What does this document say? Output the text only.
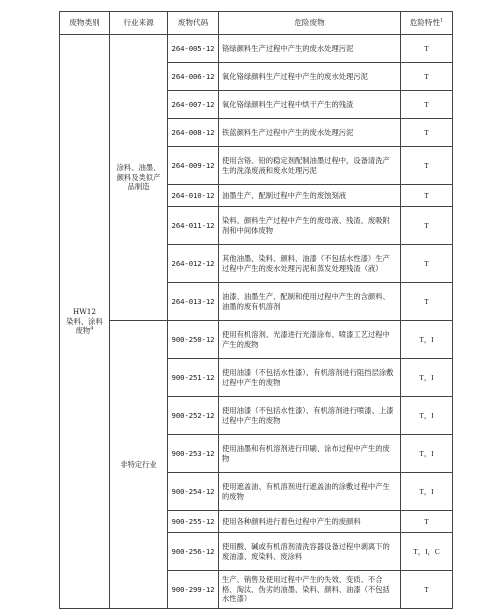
废物类别	行业来源	废物代码	危险废物	危险特性$^1$

HW12
染料、涂料废物$^4$	涂料、油墨、颜料及类似产品制造	264-005-12	铬绿颜料生产过程中产生的废水处理污泥	T
		264-006-12	氧化铬绿颜料生产过程中产生的废水处理污泥	T
		264-007-12	氧化铬绿颜料生产过程中烘干产生的残渣	T
		264-008-12	铁蓝颜料生产过程中产生的废水处理污泥	T
		264-009-12	使用含铬、铅的稳定剂配制油墨过程中，设备清洗产生的洗涤废液和废水处理污泥	T
		264-010-12	油墨生产、配制过程中产生的废蚀刻液	T
		264-011-12	染料、颜料生产过程中产生的废母液、残渣、废吸附剂和中间体废物	T
		264-012-12	其他油墨、染料、颜料、油漆（不包括水性漆）生产过程中产生的废水处理污泥和蒸发处理残渣（液）	T
		264-013-12	油漆、油墨生产、配制和使用过程中产生的含颜料、油墨的废有机溶剂	T
	非特定行业	900-250-12	使用有机溶剂、光漆进行光漆涂布、喷漆工艺过程中产生的废物	T，I
		900-251-12	使用油漆（不包括水性漆）、有机溶剂进行阻挡层涂敷过程中产生的废物	T，I
		900-252-12	使用油漆（不包括水性漆）、有机溶剂进行喷漆、上漆过程中产生的废物	T，I
		900-253-12	使用油墨和有机溶剂进行印刷、涂布过程中产生的废物	T，I
		900-254-12	使用遮盖油、有机溶剂进行遮盖油的涂敷过程中产生的废物	T，I
		900-255-12	使用各种颜料进行着色过程中产生的废颜料	T
		900-256-12	使用酸、碱或有机溶剂清洗容器设备过程中剥离下的废油漆、废染料、废涂料	T，I，C
		900-299-12	生产、销售及使用过程中产生的失效、变质、不合格、淘汰、伪劣的油墨、染料、颜料、油漆（不包括水性漆）	T
